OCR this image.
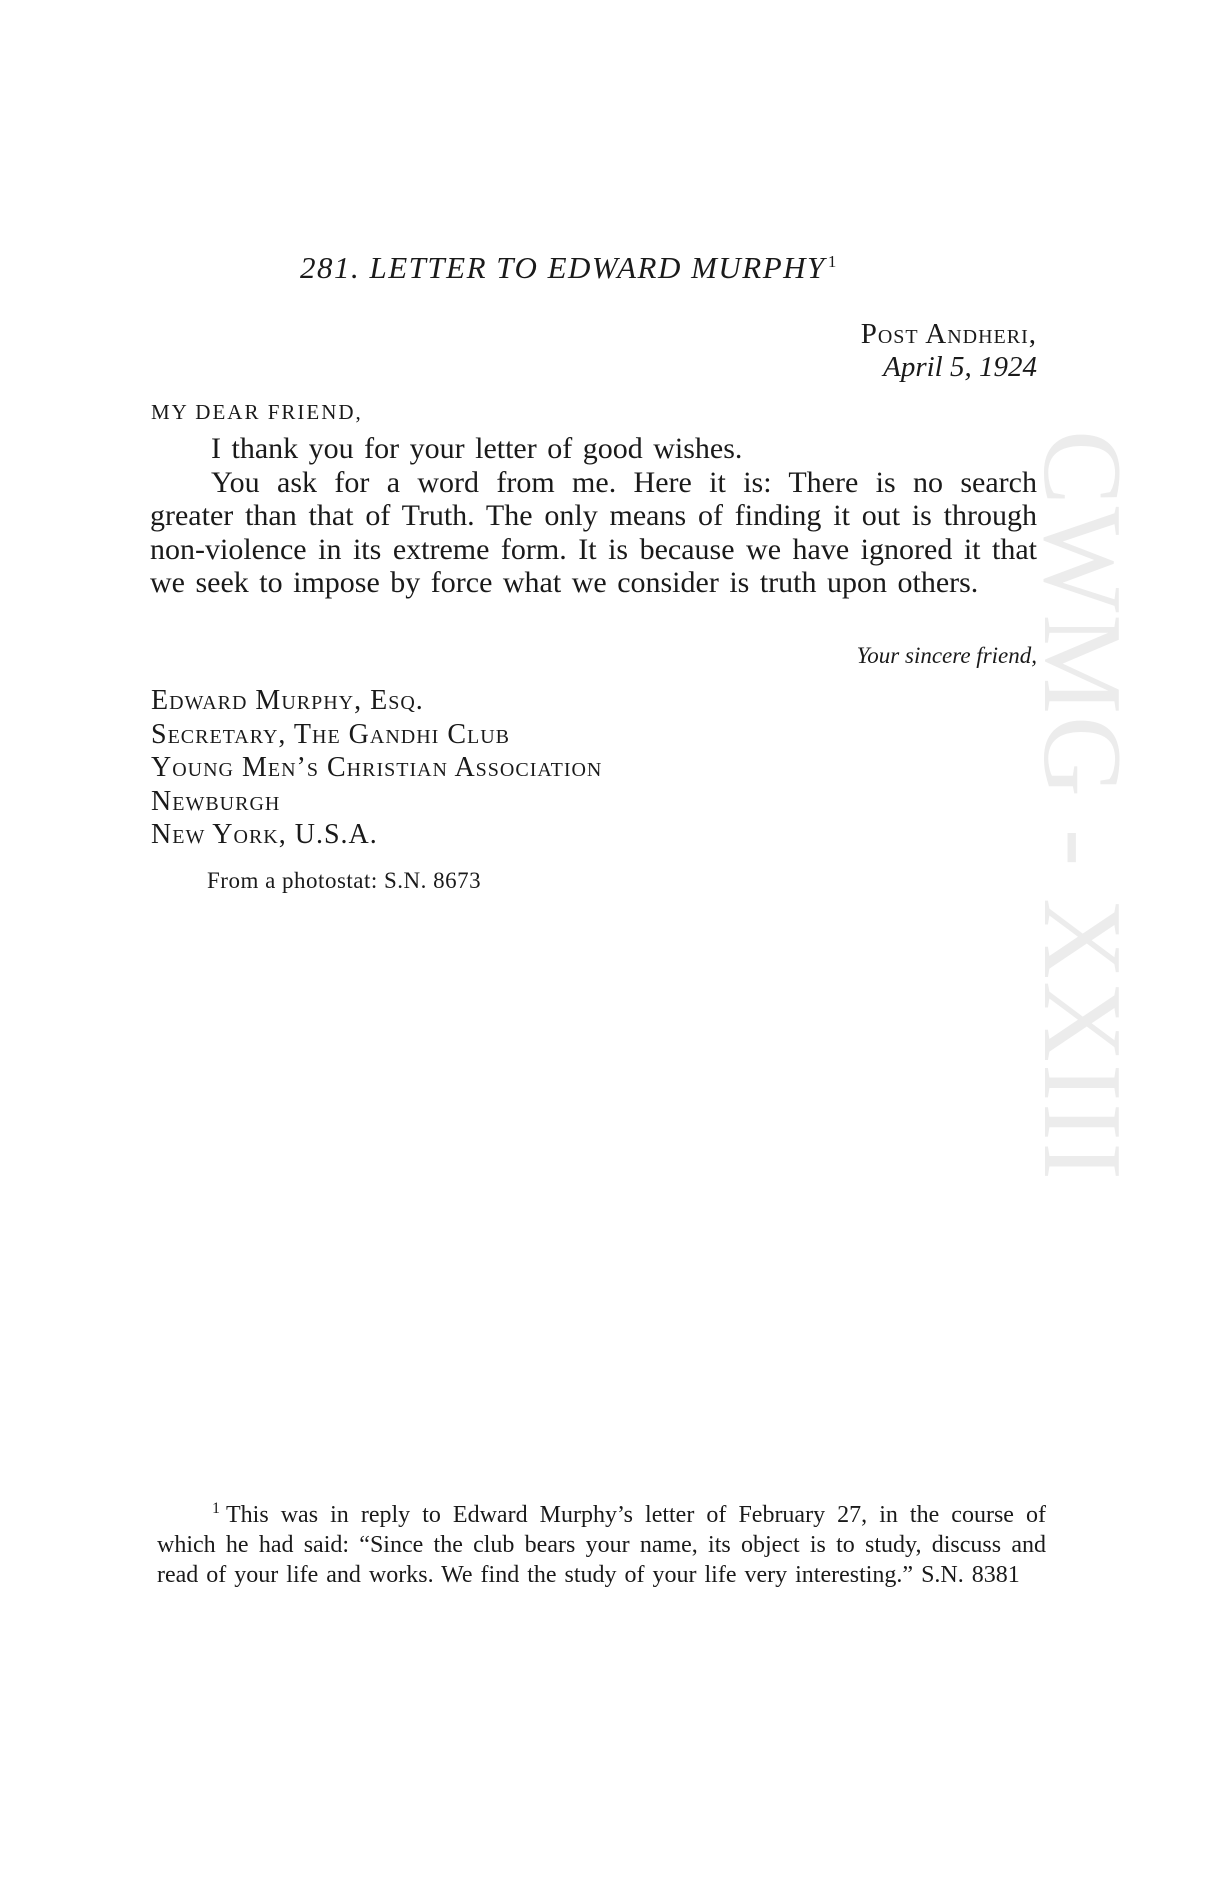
CWMG - XXIII
281. LETTER TO EDWARD MURPHY $^1$
Post Andheri,
April 5, 1924
MY DEAR FRIEND,

I thank you for your letter of good wishes.

You ask for a word from me. Here it is: There is no search greater than that of Truth. The only means of finding it out is through non-violence in its extreme form. It is because we have ignored it that we seek to impose by force what we consider is truth upon others.

Your sincere friend,
Edward Murphy, Esq.
Secretary, The Gandhi Club
Young Men’s Christian Association
Newburgh
New York, U.S.A.
From a photostat: S.N. 8673

$^1$ This was in reply to Edward Murphy’s letter of February 27, in the course of which he had said: “Since the club bears your name, its object is to study, discuss and read of your life and works. We find the study of your life very interesting.” S.N. 8381
